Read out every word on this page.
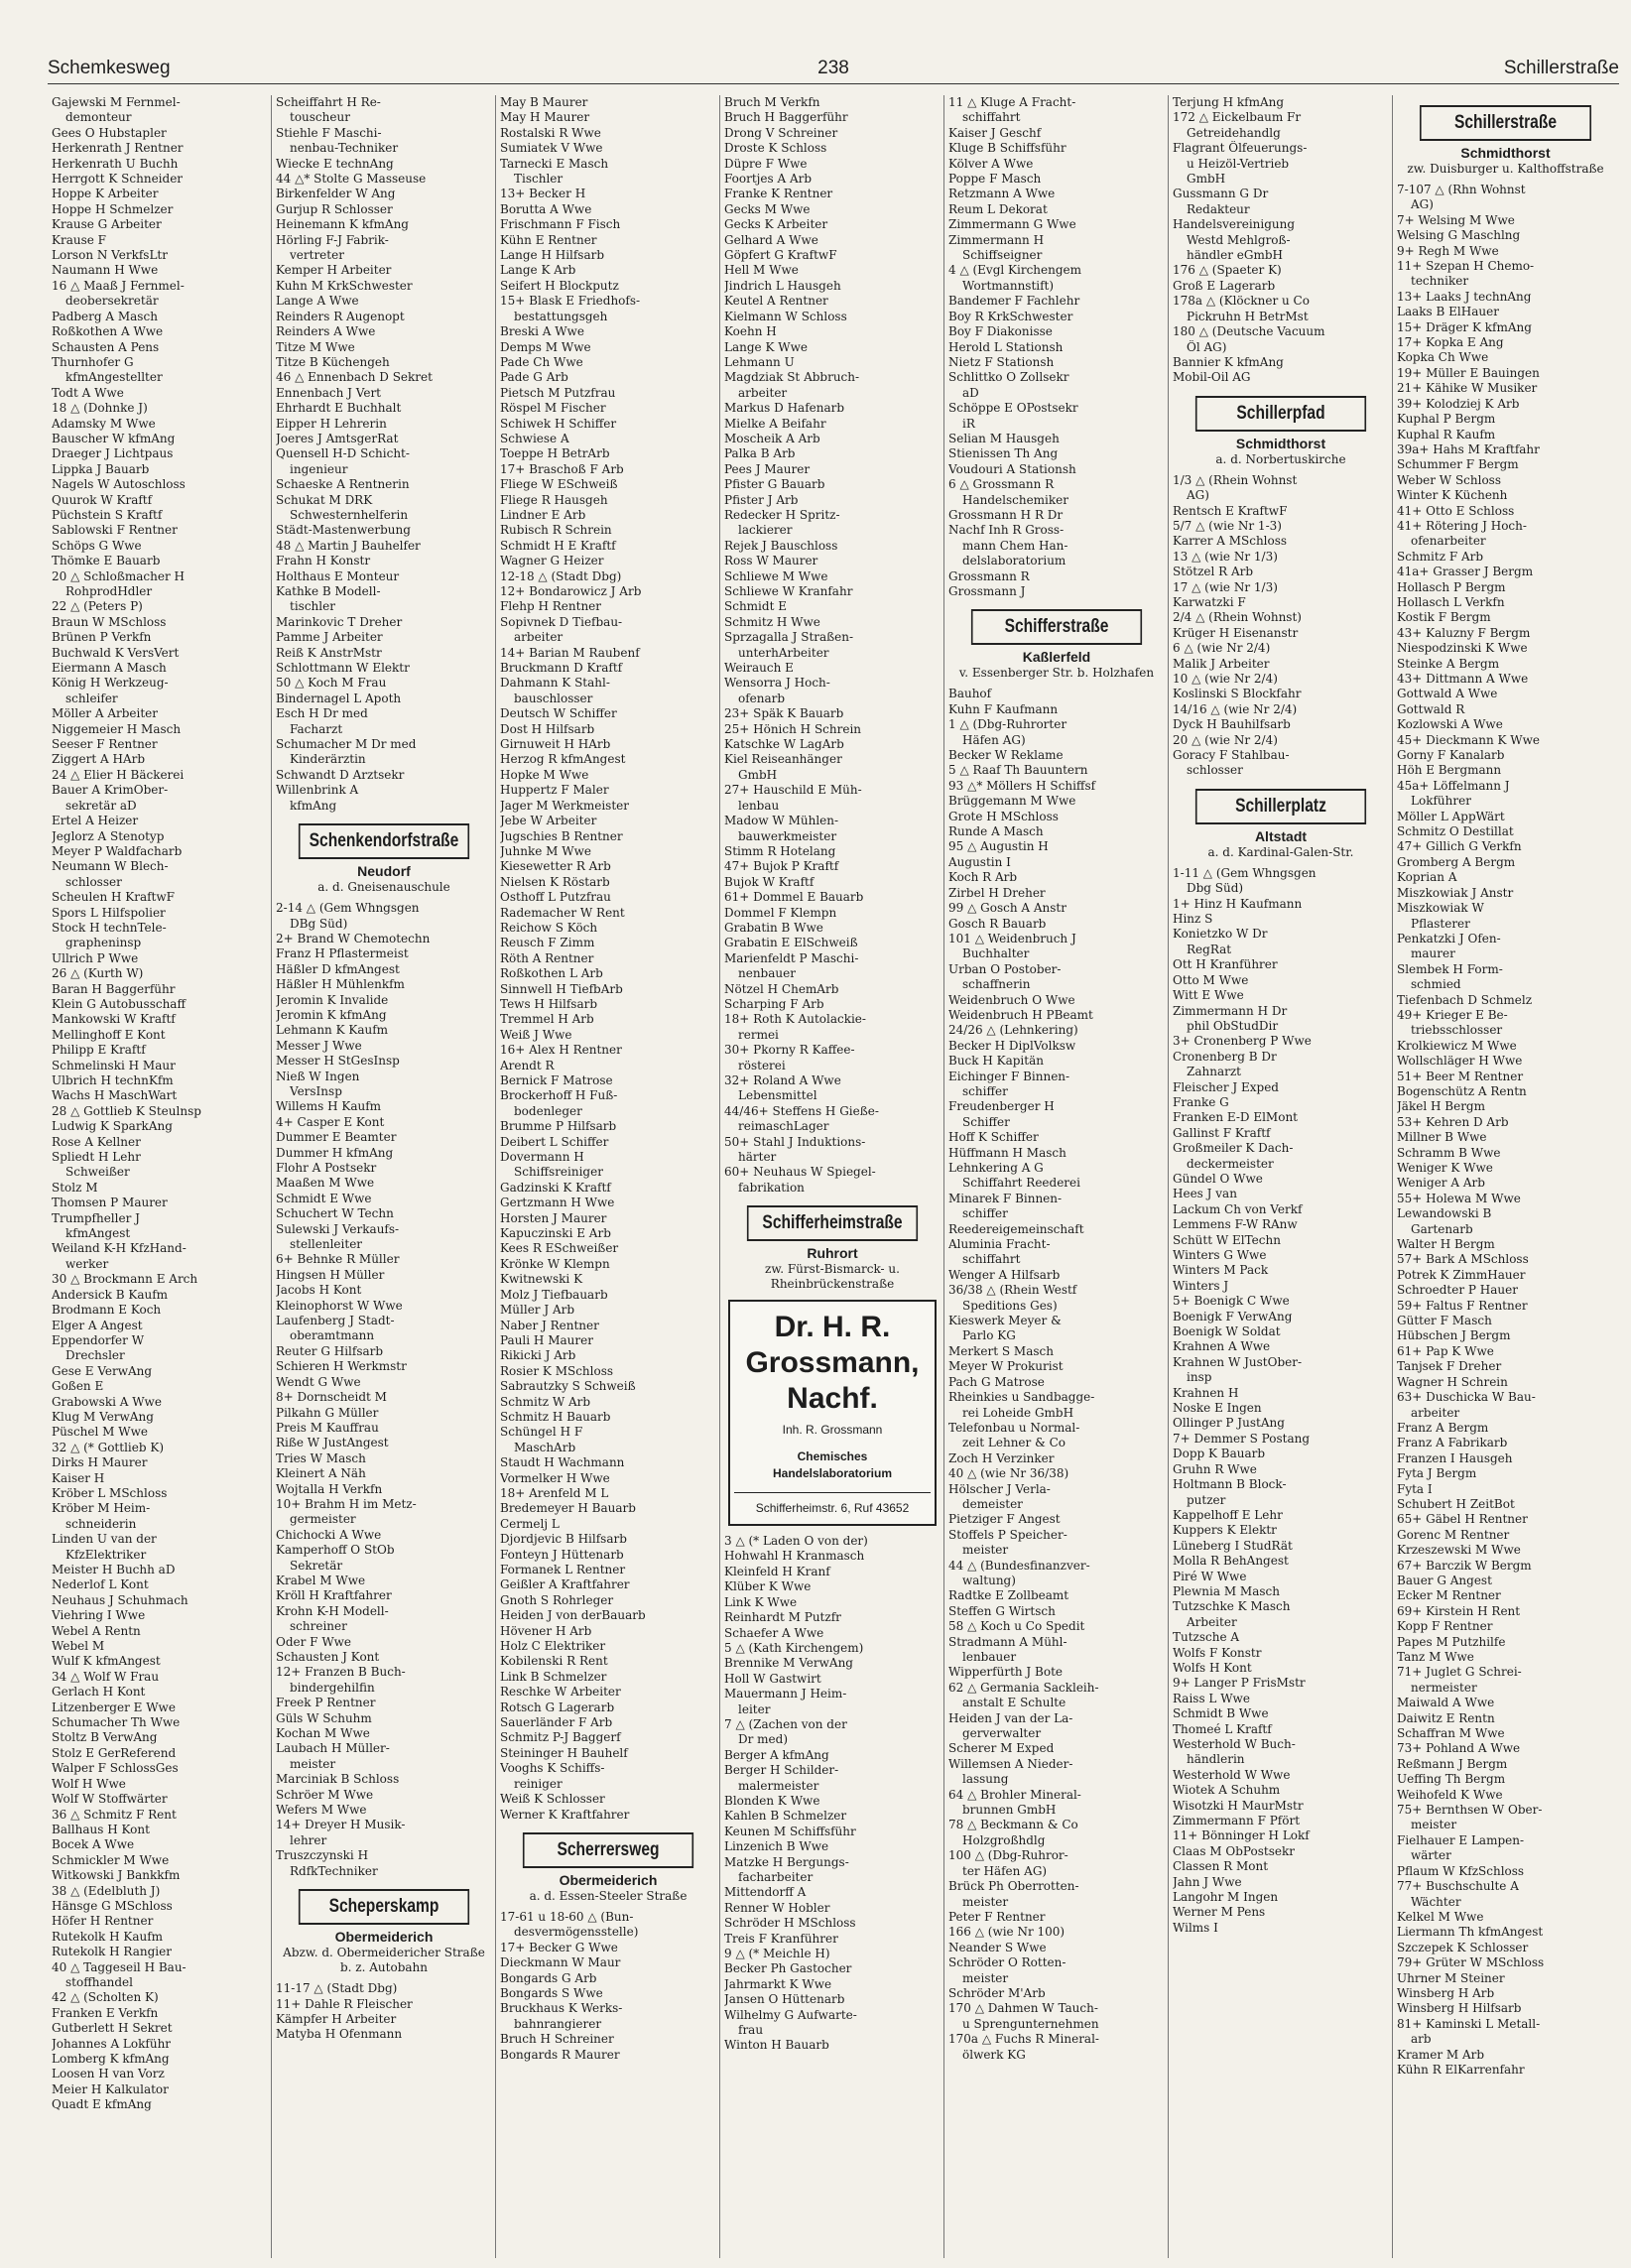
Schemkesweg	238	Schillerstraße
Gajewski M Fernmel-
demonteur
Gees O Hubstapler
Herkenrath J Rentner
Herkenrath U Buchh
Herrgott K Schneider
Hoppe K Arbeiter
Hoppe H Schmelzer
Krause G Arbeiter
Krause F
Lorson N VerkfsLtr
Naumann H Wwe
16 △ Maaß J Fernmel-
deobersekretär
Padberg A Masch
Roßkothen A Wwe
Schausten A Pens
Thurnhofer G
kfmAngestellter
Todt A Wwe
18 △ (Dohnke J)
Adamsky M Wwe
Bauscher W kfmAng
Draeger J Lichtpaus
Lippka J Bauarb
Nagels W Autoschloss
Quurok W Kraftf
Püchstein S Kraftf
Sablowski F Rentner
Schöps G Wwe
Thömke E Bauarb
20 △ Schloßmacher H
RohprodHdler
22 △ (Peters P)
Braun W MSchloss
Brünen P Verkfn
Buchwald K VersVert
Eiermann A Masch
König H Werkzeug-
schleifer
Möller A Arbeiter
Niggemeier H Masch
Seeser F Rentner
Ziggert A HArb
24 △ Elier H Bäckerei
Bauer A KrimOber-
sekretär aD
Ertel A Heizer
Jeglorz A Stenotyp
Meyer P Waldfacharb
Neumann W Blech-
schlosser
Scheulen H KraftwF
Spors L Hilfspolier
Stock H technTele-
grapheninsp
Ullrich P Wwe
26 △ (Kurth W)
Baran H Baggerführ
Klein G Autobusschaff
Mankowski W Kraftf
Mellinghoff E Kont
Philipp E Kraftf
Schmelinski H Maur
Ulbrich H technKfm
Wachs H MaschWart
28 △ Gottlieb K Steulnsp
Ludwig K SparkAng
Rose A Kellner
Spliedt H Lehr
Schweißer
Stolz M
Thomsen P Maurer
Trumpfheller J
kfmAngest
Weiland K-H KfzHand-
werker
30 △ Brockmann E Arch
Andersick B Kaufm
Brodmann E Koch
Elger A Angest
Eppendorfer W
Drechsler
Gese E VerwAng
Goßen E
Grabowski A Wwe
Klug M VerwAng
Püschel M Wwe
32 △ (* Gottlieb K)
Dirks H Maurer
Kaiser H
Kröber L MSchloss
Kröber M Heim-
schneiderin
Linden U van der
KfzElektriker
Meister H Buchh aD
Nederlof L Kont
Neuhaus J Schuhmach
Viehring I Wwe
Webel A Rentn
Webel M
Wulf K kfmAngest
34 △ Wolf W Frau
Gerlach H Kont
Litzenberger E Wwe
Schumacher Th Wwe
Stoltz B VerwAng
Stolz E GerReferend
Walper F SchlossGes
Wolf H Wwe
Wolf W Stoffwärter
36 △ Schmitz F Rent
Ballhaus H Kont
Bocek A Wwe
Schmickler M Wwe
Witkowski J Bankkfm
38 △ (Edelbluth J)
Hänsge G MSchloss
Höfer H Rentner
Rutekolk H Kaufm
Rutekolk H Rangier
40 △ Taggeseil H Bau-
stoffhandel
42 △ (Scholten K)
Franken E Verkfn
Gutberlett H Sekret
Johannes A Lokführ
Lomberg K kfmAng
Loosen H van Vorz
Meier H Kalkulator
Quadt E kfmAng
Scheiffahrt H Re-
touscheur
Stiehle F Maschi-
nenbau-Techniker
Wiecke E technAng
44 △* Stolte G Masseuse
Birkenfelder W Ang
Gurjup R Schlosser
Heinemann K kfmAng
Hörling F-J Fabrik-
vertreter
Kemper H Arbeiter
Kuhn M KrkSchwester
Lange A Wwe
Reinders R Augenopt
Reinders A Wwe
Titze M Wwe
Titze B Küchengeh
46 △ Ennenbach D Sekret
Ennenbach J Vert
Ehrhardt E Buchhalt
Eipper H Lehrerin
Joeres J AmtsgerRat
Quensell H-D Schicht-
ingenieur
Schaeske A Rentnerin
Schukat M DRK
Schwesternhelferin
Städt-Mastenwerbung
48 △ Martin J Bauhelfer
Frahn H Konstr
Holthaus E Monteur
Kathke B Modell-
tischler
Marinkovic T Dreher
Pamme J Arbeiter
Reiß K AnstrMstr
Schlottmann W Elektr
50 △ Koch M Frau
Bindernagel L Apoth
Esch H Dr med
Facharzt
Schumacher M Dr med
Kinderärztin
Schwandt D Arztsekr
Willenbrink A
kfmAng
Schenkendorfstraße
Neudorf
a. d. Gneisenauschule
2-14 △ (Gem Whngsgen
DBg Süd)
2+ Brand W Chemotechn
Franz H Pflastermeist
Häßler D kfmAngest
Häßler H Mühlenkfm
Jeromin K Invalide
Jeromin K kfmAng
Lehmann K Kaufm
Messer J Wwe
Messer H StGesInsp
Nieß W Ingen
VersInsp
Willems H Kaufm
4+ Casper E Kont
Dummer E Beamter
Dummer H kfmAng
Flohr A Postsekr
Maaßen M Wwe
Schmidt E Wwe
Schuchert W Techn
Sulewski J Verkaufs-
stellenleiter
6+ Behnke R Müller
Hingsen H Müller
Jacobs H Kont
Kleinophorst W Wwe
Laufenberg J Stadt-
oberamtmann
Reuter G Hilfsarb
Schieren H Werkmstr
Wendt G Wwe
8+ Dornscheidt M
Pilkahn G Müller
Preis M Kauffrau
Riße W JustAngest
Tries W Masch
Kleinert A Näh
Wojtalla H Verkfn
10+ Brahm H im Metz-
germeister
Chichocki A Wwe
Kamperhoff O StOb
Sekretär
Krabel M Wwe
Kröll H Kraftfahrer
Krohn K-H Modell-
schreiner
Oder F Wwe
Schausten J Kont
12+ Franzen B Buch-
bindergehilfin
Freek P Rentner
Güls W Schuhm
Kochan M Wwe
Laubach H Müller-
meister
Marciniak B Schloss
Schröer M Wwe
Wefers M Wwe
14+ Dreyer H Musik-
lehrer
Truszczynski H
RdfkTechniker
Scheperskamp
Obermeiderich
Abzw. d. Obermeidericher Straße b. z. Autobahn
11-17 △ (Stadt Dbg)
11+ Dahle R Fleischer
Kämpfer H Arbeiter
Matyba H Ofenmann
May B Maurer
May H Maurer
Rostalski R Wwe
Sumiatek V Wwe
Tarnecki E Masch
Tischler
13+ Becker H
Borutta A Wwe
Frischmann F Fisch
Kühn E Rentner
Lange H Hilfsarb
Lange K Arb
Seifert H Blockputz
15+ Blask E Friedhofs-
bestattungsgeh
Breski A Wwe
Demps M Wwe
Pade Ch Wwe
Pade G Arb
Pietsch M Putzfrau
Röspel M Fischer
Schiwek H Schiffer
Schwiese A
Toeppe H BetrArb
17+ Braschoß F Arb
Fliege W ESchweiß
Fliege R Hausgeh
Lindner E Arb
Rubisch R Schrein
Schmidt H E Kraftf
Wagner G Heizer
12-18 △ (Stadt Dbg)
12+ Bondarowicz J Arb
Flehp H Rentner
Sopivnek D Tiefbau-
arbeiter
14+ Barian M Raubenf
Bruckmann D Kraftf
Dahmann K Stahl-
bauschlosser
Deutsch W Schiffer
Dost H Hilfsarb
Girnuweit H HArb
Herzog R kfmAngest
Hopke M Wwe
Huppertz F Maler
Jager M Werkmeister
Jebe W Arbeiter
Jugschies B Rentner
Juhnke M Wwe
Kiesewetter R Arb
Nielsen K Röstarb
Osthoff L Putzfrau
Rademacher W Rent
Reichow S Köch
Reusch F Zimm
Röth A Rentner
Roßkothen L Arb
Sinnwell H TiefbArb
Tews H Hilfsarb
Tremmel H Arb
Weiß J Wwe
16+ Alex H Rentner
Arendt R
Bernick F Matrose
Brockerhoff H Fuß-
bodenleger
Brumme P Hilfsarb
Deibert L Schiffer
Dovermann H
Schiffsreiniger
Gadzinski K Kraftf
Gertzmann H Wwe
Horsten J Maurer
Kapuczinski E Arb
Kees R ESchweißer
Krönke W Klempn
Kwitnewski K
Molz J Tiefbauarb
Müller J Arb
Naber J Rentner
Pauli H Maurer
Rikicki J Arb
Rosier K MSchloss
Sabrautzky S Schweiß
Schmitz W Arb
Schmitz H Bauarb
Schüngel H F
MaschArb
Staudt H Wachmann
Vormelker H Wwe
18+ Arenfeld M L
Bredemeyer H Bauarb
Cermelj L
Djordjevic B Hilfsarb
Fonteyn J Hüttenarb
Formanek L Rentner
Geißler A Kraftfahrer
Gnoth S Rohrleger
Heiden J von derBauarb
Hövener H Arb
Holz C Elektriker
Kobilenski R Rent
Link B Schmelzer
Reschke W Arbeiter
Rotsch G Lagerarb
Sauerländer F Arb
Schmitz P-J Baggerf
Steininger H Bauhelf
Vooghs K Schiffs-
reiniger
Weiß K Schlosser
Werner K Kraftfahrer
Scherrersweg
Obermeiderich
a. d. Essen-Steeler Straße
17-61 u 18-60 △ (Bun-
desvermögensstelle)
17+ Becker G Wwe
Dieckmann W Maur
Bongards G Arb
Bongards S Wwe
Bruckhaus K Werks-
bahnrangierer
Bruch H Schreiner
Bongards R Maurer
Bruch M Verkfn
Bruch H Baggerführ
Drong V Schreiner
Droste K Schloss
Düpre F Wwe
Foortjes A Arb
Franke K Rentner
Gecks M Wwe
Gecks K Arbeiter
Gelhard A Wwe
Göpfert G KraftwF
Hell M Wwe
Jindrich L Hausgeh
Keutel A Rentner
Kielmann W Schloss
Koehn H
Lange K Wwe
Lehmann U
Magdziak St Abbruch-
arbeiter
Markus D Hafenarb
Mielke A Beifahr
Moscheik A Arb
Palka B Arb
Pees J Maurer
Pfister G Bauarb
Pfister J Arb
Redecker H Spritz-
lackierer
Rejek J Bauschloss
Ross W Maurer
Schliewe M Wwe
Schliewe W Kranfahr
Schmidt E
Schmitz H Wwe
Sprzagalla J Straßen-
unterhArbeiter
Weirauch E
Wensorra J Hoch-
ofenarb
23+ Späk K Bauarb
25+ Hönich H Schrein
Katschke W LagArb
Kiel Reiseanhänger
GmbH
27+ Hauschild E Müh-
lenbau
Madow W Mühlen-
bauwerkmeister
Stimm R Hotelang
47+ Bujok P Kraftf
Bujok W Kraftf
61+ Dommel E Bauarb
Dommel F Klempn
Grabatin B Wwe
Grabatin E ElSchweiß
Marienfeldt P Maschi-
nenbauer
Nötzel H ChemArb
Scharping F Arb
18+ Roth K Autolackie-
rermei
30+ Pkorny R Kaffee-
rösterei
32+ Roland A Wwe
Lebensmittel
44/46+ Steffens H Gieße-
reimaschLager
50+ Stahl J Induktions-
härter
60+ Neuhaus W Spiegel-
fabrikation
Schifferheimstraße
Ruhrort
zw. Fürst-Bismarck- u. Rheinbrückenstraße
Dr. H. R. Grossmann, Nachf.
Inh. R. Grossmann
Chemisches
Handelslaboratorium
Schifferheimstr. 6, Ruf 43652
3 △ (* Laden O von der)
Hohwahl H Kranmasch
Kleinfeld H Kranf
Klüber K Wwe
Link K Wwe
Reinhardt M Putzfr
Schaefer A Wwe
5 △ (Kath Kirchengem)
Brennike M VerwAng
Holl W Gastwirt
Mauermann J Heim-
leiter
7 △ (Zachen von der
Dr med)
Berger A kfmAng
Berger H Schilder-
malermeister
Blonden K Wwe
Kahlen B Schmelzer
Keunen M Schiffsführ
Linzenich B Wwe
Matzke H Bergungs-
facharbeiter
Mittendorff A
Renner W Hobler
Schröder H MSchloss
Treis F Kranführer
9 △ (* Meichle H)
Becker Ph Gastocher
Jahrmarkt K Wwe
Jansen O Hüttenarb
Wilhelmy G Aufwarte-
frau
Winton H Bauarb
11 △ Kluge A Fracht-
schiffahrt
Kaiser J Geschf
Kluge B Schiffsführ
Kölver A Wwe
Poppe F Masch
Retzmann A Wwe
Reum L Dekorat
Zimmermann G Wwe
Zimmermann H
Schiffseigner
4 △ (Evgl Kirchengem
Wortmannstift)
Bandemer F Fachlehr
Boy R KrkSchwester
Boy F Diakonisse
Herold L Stationsh
Nietz F Stationsh
Schlittko O Zollsekr
aD
Schöppe E OPostsekr
iR
Selian M Hausgeh
Stienissen Th Ang
Voudouri A Stationsh
6 △ Grossmann R
Handelschemiker
Grossmann H R Dr
Nachf Inh R Gross-
mann Chem Han-
delslaboratorium
Grossmann R
Grossmann J
Schifferstraße
Kaßlerfeld
v. Essenberger Str. b. Holzhafen
Bauhof
Kuhn F Kaufmann
1 △ (Dbg-Ruhrorter
Häfen AG)
Becker W Reklame
5 △ Raaf Th Bauuntern
93 △* Möllers H Schiffsf
Brüggemann M Wwe
Grote H MSchloss
Runde A Masch
95 △ Augustin H
Augustin I
Koch R Arb
Zirbel H Dreher
99 △ Gosch A Anstr
Gosch R Bauarb
101 △ Weidenbruch J
Buchhalter
Urban O Postober-
schaffnerin
Weidenbruch O Wwe
Weidenbruch H PBeamt
24/26 △ (Lehnkering)
Becker H DiplVolksw
Buck H Kapitän
Eichinger F Binnen-
schiffer
Freudenberger H
Schiffer
Hoff K Schiffer
Hüffmann H Masch
Lehnkering A G
Schiffahrt Reederei
Minarek F Binnen-
schiffer
Reedereigemeinschaft
Aluminia Fracht-
schiffahrt
Wenger A Hilfsarb
36/38 △ (Rhein Westf
Speditions Ges)
Kieswerk Meyer &
Parlo KG
Merkert S Masch
Meyer W Prokurist
Pach G Matrose
Rheinkies u Sandbagge-
rei Loheide GmbH
Telefonbau u Normal-
zeit Lehner & Co
Zoch H Verzinker
40 △ (wie Nr 36/38)
Hölscher J Verla-
demeister
Pietziger F Angest
Stoffels P Speicher-
meister
44 △ (Bundesfinanzver-
waltung)
Radtke E Zollbeamt
Steffen G Wirtsch
58 △ Koch u Co Spedit
Stradmann A Mühl-
lenbauer
Wipperfürth J Bote
62 △ Germania Sackleih-
anstalt E Schulte
Heiden J van der La-
gerverwalter
Scherer M Exped
Willemsen A Nieder-
lassung
64 △ Brohler Mineral-
brunnen GmbH
78 △ Beckmann & Co
Holzgroßhdlg
100 △ (Dbg-Ruhror-
ter Häfen AG)
Brück Ph Oberrotten-
meister
Peter F Rentner
166 △ (wie Nr 100)
Neander S Wwe
Schröder O Rotten-
meister
Schröder M'Arb
170 △ Dahmen W Tauch-
u Sprengunternehmen
170a △ Fuchs R Mineral-
ölwerk KG
Terjung H kfmAng
172 △ Eickelbaum Fr
Getreidehandlg
Flagrant Ölfeuerungs-
u Heizöl-Vertrieb
GmbH
Gussmann G Dr
Redakteur
Handelsvereinigung
Westd Mehlgroß-
händler eGmbH
176 △ (Spaeter K)
Groß E Lagerarb
178a △ (Klöckner u Co
Pickruhn H BetrMst
180 △ (Deutsche Vacuum
Öl AG)
Bannier K kfmAng
Mobil-Oil AG
Schillerpfad
Schmidthorst
a. d. Norbertuskirche
1/3 △ (Rhein Wohnst
AG)
Rentsch E KraftwF
5/7 △ (wie Nr 1-3)
Karrer A MSchloss
13 △ (wie Nr 1/3)
Stötzel R Arb
17 △ (wie Nr 1/3)
Karwatzki F
2/4 △ (Rhein Wohnst)
Krüger H Eisenanstr
6 △ (wie Nr 2/4)
Malik J Arbeiter
10 △ (wie Nr 2/4)
Koslinski S Blockfahr
14/16 △ (wie Nr 2/4)
Dyck H Bauhilfsarb
20 △ (wie Nr 2/4)
Goracy F Stahlbau-
schlosser
Schillerplatz
Altstadt
a. d. Kardinal-Galen-Str.
1-11 △ (Gem Whngsgen
Dbg Süd)
1+ Hinz H Kaufmann
Hinz S
Konietzko W Dr
RegRat
Ott H Kranführer
Otto M Wwe
Witt E Wwe
Zimmermann H Dr
phil ObStudDir
3+ Cronenberg P Wwe
Cronenberg B Dr
Zahnarzt
Fleischer J Exped
Franke G
Franken E-D ElMont
Gallinst F Kraftf
Großmeiler K Dach-
deckermeister
Gündel O Wwe
Hees J van
Lackum Ch von Verkf
Lemmens F-W RAnw
Schütt W ElTechn
Winters G Wwe
Winters M Pack
Winters J
5+ Boenigk C Wwe
Boenigk F VerwAng
Boenigk W Soldat
Krahnen A Wwe
Krahnen W JustOber-
insp
Krahnen H
Noske E Ingen
Ollinger P JustAng
7+ Demmer S Postang
Dopp K Bauarb
Gruhn R Wwe
Holtmann B Block-
putzer
Kappelhoff E Lehr
Kuppers K Elektr
Lüneberg I StudRät
Molla R BehAngest
Piré W Wwe
Plewnia M Masch
Tutzschke K Masch
Arbeiter
Tutzsche A
Wolfs F Konstr
Wolfs H Kont
9+ Langer P FrisMstr
Raiss L Wwe
Schmidt B Wwe
Thomeé L Kraftf
Westerhold W Buch-
händlerin
Westerhold W Wwe
Wiotek A Schuhm
Wisotzki H MaurMstr
Zimmermann F Pfört
11+ Bönninger H Lokf
Claas M ObPostsekr
Classen R Mont
Jahn J Wwe
Langohr M Ingen
Werner M Pens
Wilms I
Schillerstraße
Schmidthorst
zw. Duisburger u. Kalthoffstraße
7-107 △ (Rhn Wohnst
AG)
7+ Welsing M Wwe
Welsing G Maschlng
9+ Regh M Wwe
11+ Szepan H Chemo-
techniker
13+ Laaks J technAng
Laaks B ElHauer
15+ Dräger K kfmAng
17+ Kopka E Ang
Kopka Ch Wwe
19+ Müller E Bauingen
21+ Kähike W Musiker
39+ Kolodziej K Arb
Kuphal P Bergm
Kuphal R Kaufm
39a+ Hahs M Kraftfahr
Schummer F Bergm
Weber W Schloss
Winter K Küchenh
41+ Otto E Schloss
41+ Rötering J Hoch-
ofenarbeiter
Schmitz F Arb
41a+ Grasser J Bergm
Hollasch P Bergm
Hollasch L Verkfn
Kostik F Bergm
43+ Kaluzny F Bergm
Niespodzinski K Wwe
Steinke A Bergm
43+ Dittmann A Wwe
Gottwald A Wwe
Gottwald R
Kozlowski A Wwe
45+ Dieckmann K Wwe
Gorny F Kanalarb
Höh E Bergmann
45a+ Löffelmann J
Lokführer
Möller L AppWärt
Schmitz O Destillat
47+ Gillich G Verkfn
Gromberg A Bergm
Koprian A
Miszkowiak J Anstr
Miszkowiak W
Pflasterer
Penkatzki J Ofen-
maurer
Slembek H Form-
schmied
Tiefenbach D Schmelz
49+ Krieger E Be-
triebsschlosser
Krolkiewicz M Wwe
Wollschläger H Wwe
51+ Beer M Rentner
Bogenschütz A Rentn
Jäkel H Bergm
53+ Kehren D Arb
Millner B Wwe
Schramm B Wwe
Weniger K Wwe
Weniger A Arb
55+ Holewa M Wwe
Lewandowski B
Gartenarb
Walter H Bergm
57+ Bark A MSchloss
Potrek K ZimmHauer
Schroedter P Hauer
59+ Faltus F Rentner
Gütter F Masch
Hübschen J Bergm
61+ Pap K Wwe
Tanjsek F Dreher
Wagner H Schrein
63+ Duschicka W Bau-
arbeiter
Franz A Bergm
Franz A Fabrikarb
Franzen I Hausgeh
Fyta J Bergm
Fyta I
Schubert H ZeitBot
65+ Gäbel H Rentner
Gorenc M Rentner
Krzeszewski M Wwe
67+ Barczik W Bergm
Bauer G Angest
Ecker M Rentner
69+ Kirstein H Rent
Kopp F Rentner
Papes M Putzhilfe
Tanz M Wwe
71+ Juglet G Schrei-
nermeister
Maiwald A Wwe
Daiwitz E Rentn
Schaffran M Wwe
73+ Pohland A Wwe
Reßmann J Bergm
Ueffing Th Bergm
Weihofeld K Wwe
75+ Bernthsen W Ober-
meister
Fielhauer E Lampen-
wärter
Pflaum W KfzSchloss
77+ Buschschulte A
Wächter
Kelkel M Wwe
Liermann Th kfmAngest
Szczepek K Schlosser
79+ Grüter W MSchloss
Uhrner M Steiner
Winsberg H Arb
Winsberg H Hilfsarb
81+ Kaminski L Metall-
arb
Kramer M Arb
Kühn R ElKarrenfahr
